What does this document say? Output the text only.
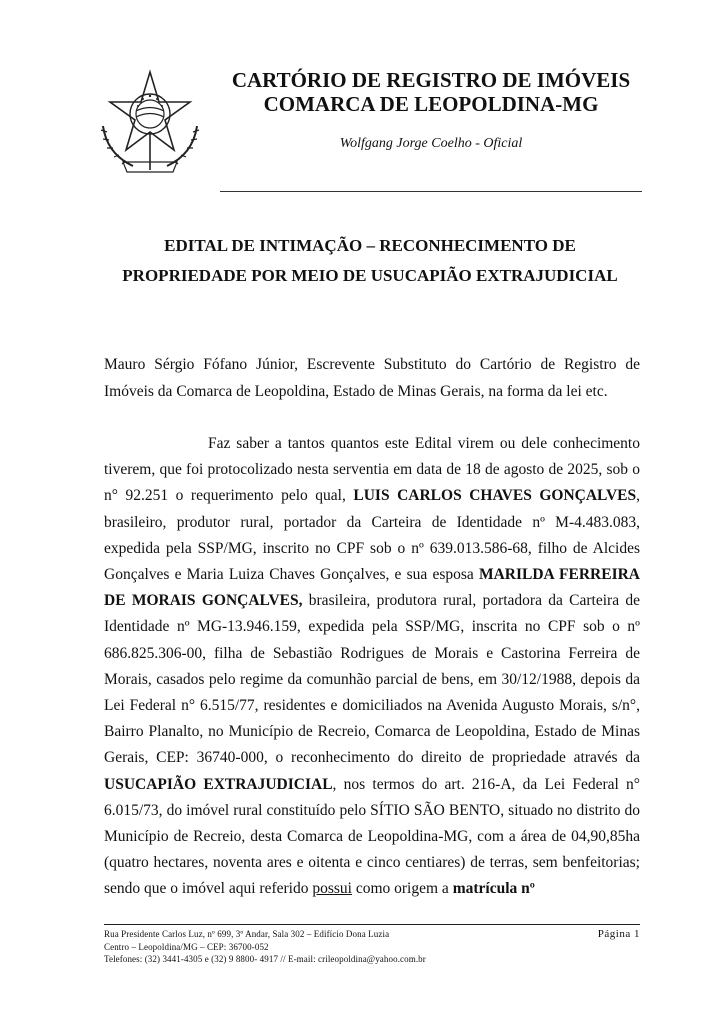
CARTÓRIO DE REGISTRO DE IMÓVEIS
COMARCA DE LEOPOLDINA-MG
Wolfgang Jorge Coelho - Oficial
EDITAL DE INTIMAÇÃO – RECONHECIMENTO DE
PROPRIEDADE POR MEIO DE USUCAPIÃO EXTRAJUDICIAL
Mauro Sérgio Fófano Júnior, Escrevente Substituto do Cartório de Registro de Imóveis da Comarca de Leopoldina, Estado de Minas Gerais, na forma da lei etc.
Faz saber a tantos quantos este Edital virem ou dele conhecimento tiverem, que foi protocolizado nesta serventia em data de 18 de agosto de 2025, sob o n° 92.251 o requerimento pelo qual, LUIS CARLOS CHAVES GONÇALVES, brasileiro, produtor rural, portador da Carteira de Identidade nº M-4.483.083, expedida pela SSP/MG, inscrito no CPF sob o nº 639.013.586-68, filho de Alcides Gonçalves e Maria Luiza Chaves Gonçalves, e sua esposa MARILDA FERREIRA DE MORAIS GONÇALVES, brasileira, produtora rural, portadora da Carteira de Identidade nº MG-13.946.159, expedida pela SSP/MG, inscrita no CPF sob o nº 686.825.306-00, filha de Sebastião Rodrigues de Morais e Castorina Ferreira de Morais, casados pelo regime da comunhão parcial de bens, em 30/12/1988, depois da Lei Federal n° 6.515/77, residentes e domiciliados na Avenida Augusto Morais, s/n°, Bairro Planalto, no Município de Recreio, Comarca de Leopoldina, Estado de Minas Gerais, CEP: 36740-000, o reconhecimento do direito de propriedade através da USUCAPIÃO EXTRAJUDICIAL, nos termos do art. 216-A, da Lei Federal n° 6.015/73, do imóvel rural constituído pelo SÍTIO SÃO BENTO, situado no distrito do Município de Recreio, desta Comarca de Leopoldina-MG, com a área de 04,90,85ha (quatro hectares, noventa ares e oitenta e cinco centiares) de terras, sem benfeitorias; sendo que o imóvel aqui referido possui como origem a matrícula nº
Rua Presidente Carlos Luz, nº 699, 3º Andar, Sala 302 – Edifício Dona Luzia
Centro – Leopoldina/MG – CEP: 36700-052
Telefones: (32) 3441-4305 e (32) 9 8800- 4917 // E-mail: crileopoldina@yahoo.com.br
Página 1
